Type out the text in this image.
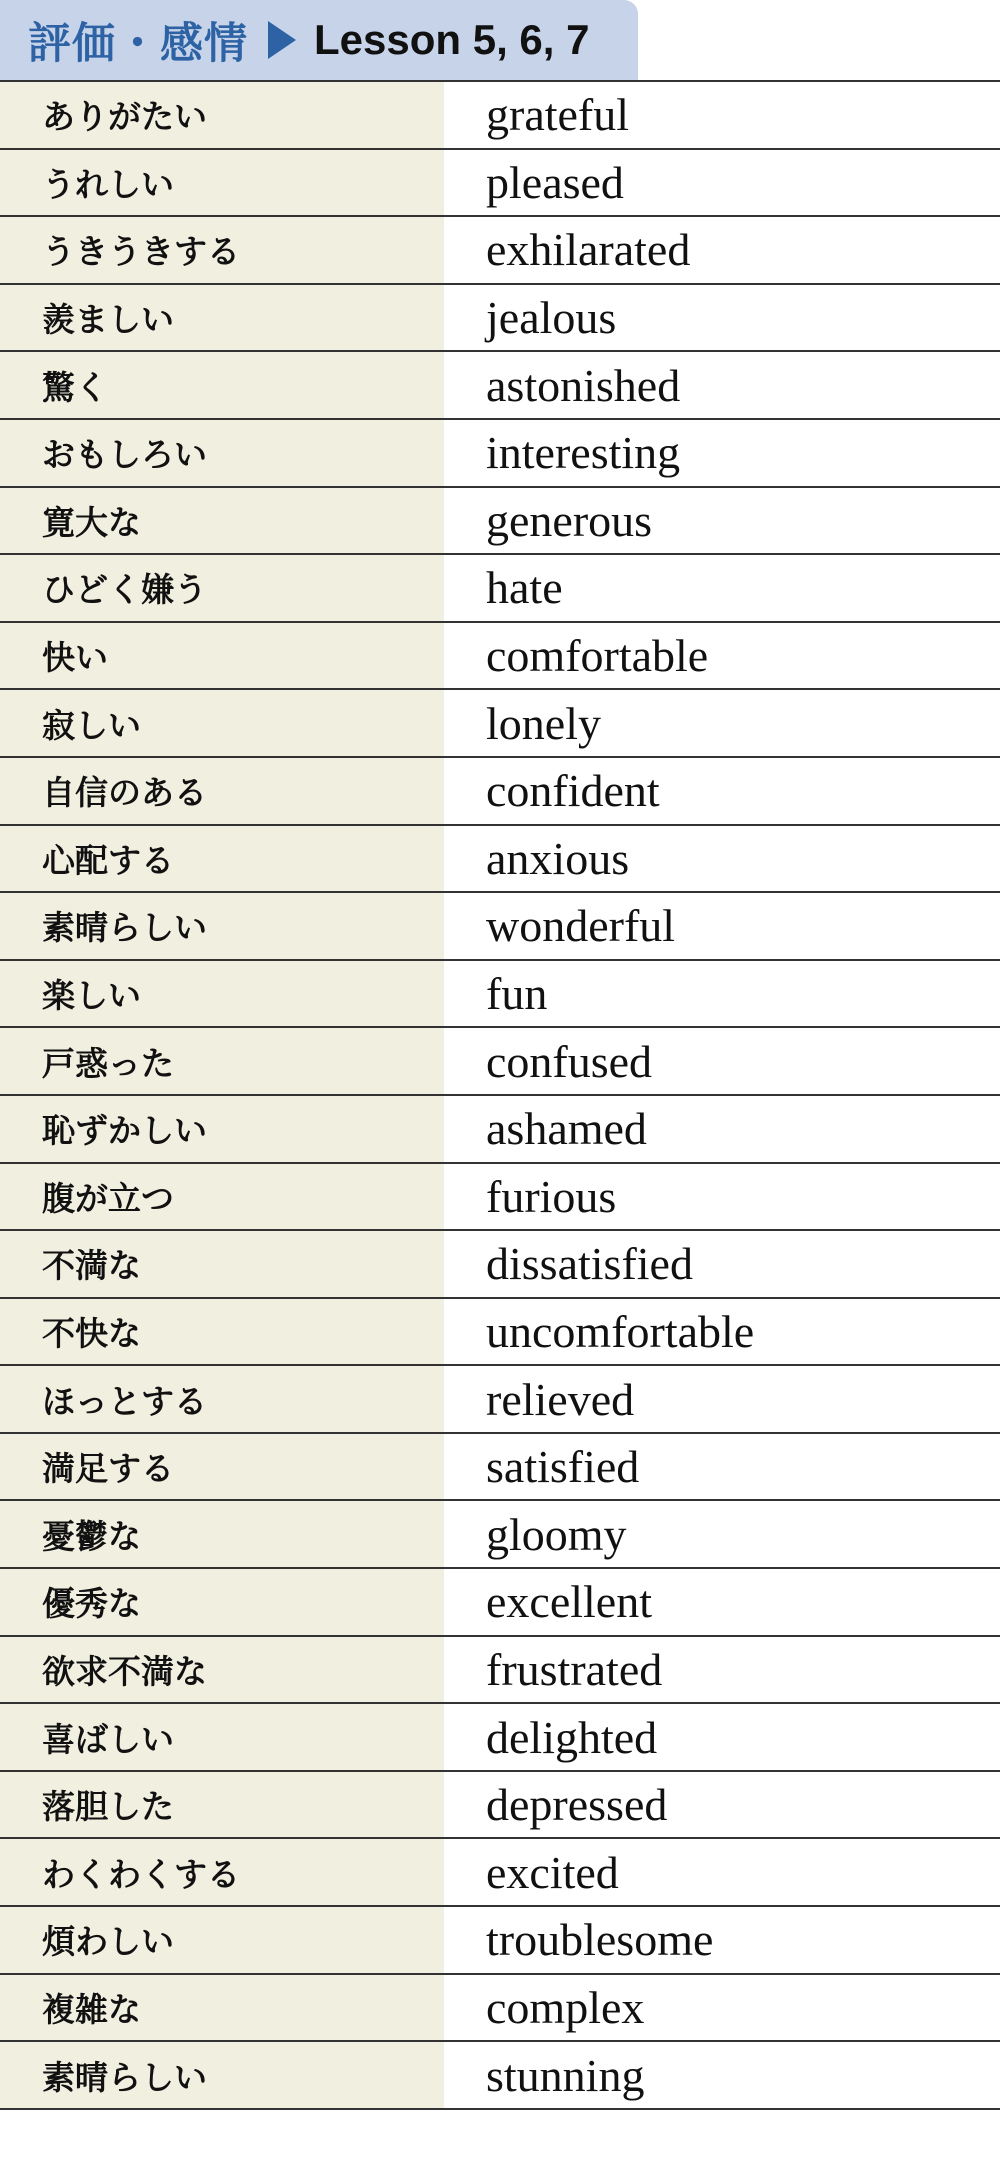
評価・感情 Lesson 5, 6, 7
ありがたい	grateful
うれしい	pleased
うきうきする	exhilarated
羨ましい	jealous
驚く	astonished
おもしろい	interesting
寛大な	generous
ひどく嫌う	hate
快い	comfortable
寂しい	lonely
自信のある	confident
心配する	anxious
素晴らしい	wonderful
楽しい	fun
戸惑った	confused
恥ずかしい	ashamed
腹が立つ	furious
不満な	dissatisfied
不快な	uncomfortable
ほっとする	relieved
満足する	satisfied
憂鬱な	gloomy
優秀な	excellent
欲求不満な	frustrated
喜ばしい	delighted
落胆した	depressed
わくわくする	excited
煩わしい	troublesome
複雑な	complex
素晴らしい	stunning
